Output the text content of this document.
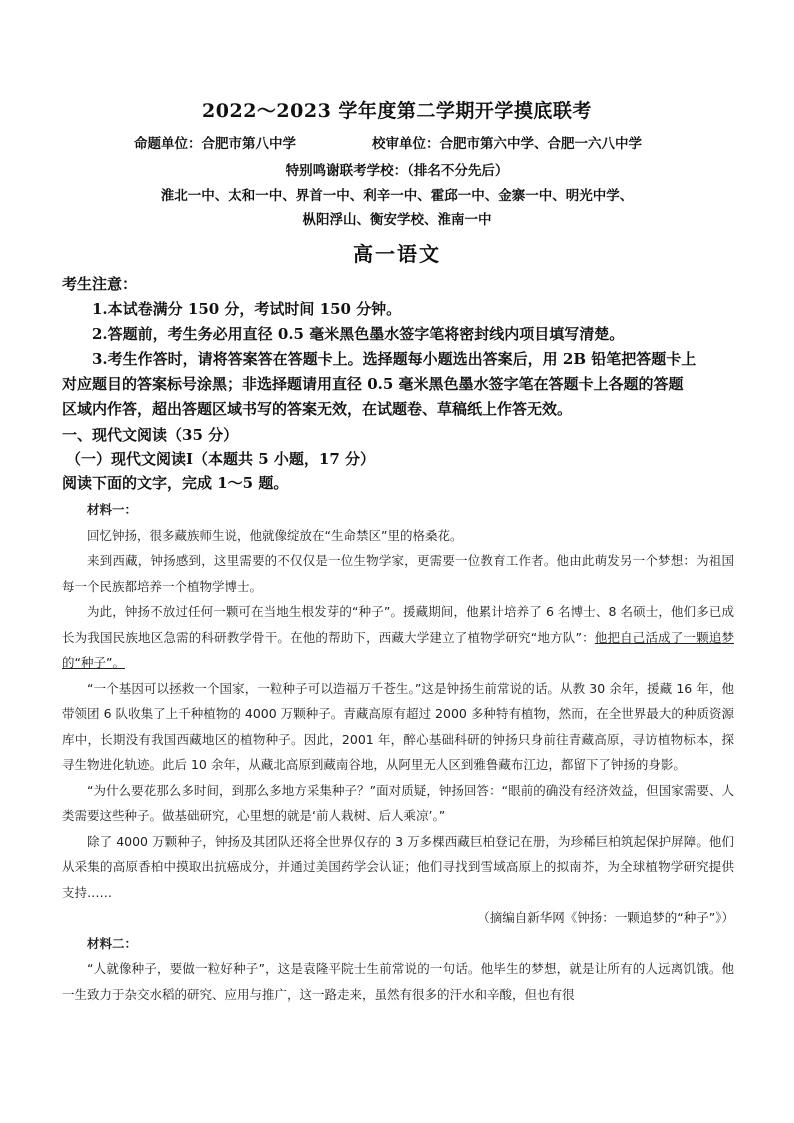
2022～2023 学年度第二学期开学摸底联考
命题单位：合肥市第八中学	校审单位：合肥市第六中学、合肥一六八中学
特别鸣谢联考学校：（排名不分先后）
淮北一中、太和一中、界首一中、利辛一中、霍邱一中、金寨一中、明光中学、
枞阳浮山、衡安学校、淮南一中
高一语文
考生注意：
1.本试卷满分 150 分，考试时间 150 分钟。
2.答题前，考生务必用直径 0.5 毫米黑色墨水签字笔将密封线内项目填写清楚。
3.考生作答时，请将答案答在答题卡上。选择题每小题选出答案后，用 2B 铅笔把答题卡上
对应题目的答案标号涂黑；非选择题请用直径 0.5 毫米黑色墨水签字笔在答题卡上各题的答题
区域内作答，超出答题区域书写的答案无效，在试题卷、草稿纸上作答无效。
一、现代文阅读（35 分）
（一）现代文阅读Ⅰ（本题共 5 小题，17 分）
阅读下面的文字，完成 1～5 题。

材料一：

回忆钟扬，很多藏族师生说，他就像绽放在“生命禁区”里的格桑花。

来到西藏，钟扬感到，这里需要的不仅仅是一位生物学家，更需要一位教育工作者。他由此萌发另一个梦想：为祖国每一个民族都培养一个植物学博士。

为此，钟扬不放过任何一颗可在当地生根发芽的“种子”。援藏期间，他累计培养了 6 名博士、8 名硕士，他们多已成长为我国民族地区急需的科研教学骨干。在他的帮助下，西藏大学建立了植物学研究“地方队”：他把自己活成了一颗追梦的“种子”。

“一个基因可以拯救一个国家，一粒种子可以造福万千苍生。”这是钟扬生前常说的话。从教 30 余年，援藏 16 年，他带领团 6 队收集了上千种植物的 4000 万颗种子。青藏高原有超过 2000 多种特有植物，然而，在全世界最大的种质资源库中，长期没有我国西藏地区的植物种子。因此，2001 年，醉心基础科研的钟扬只身前往青藏高原，寻访植物标本，探寻生物进化轨迹。此后 10 余年，从藏北高原到藏南谷地，从阿里无人区到雅鲁藏布江边，都留下了钟扬的身影。

“为什么要花那么多时间，到那么多地方采集种子？”面对质疑，钟扬回答：“眼前的确没有经济效益，但国家需要、人类需要这些种子。做基础研究，心里想的就是‘前人栽树、后人乘凉’。”

除了 4000 万颗种子，钟扬及其团队还将全世界仅存的 3 万多棵西藏巨柏登记在册，为珍稀巨柏筑起保护屏障。他们从采集的高原香柏中摸取出抗癌成分，并通过美国药学会认证；他们寻找到雪域高原上的拟南芥，为全球植物学研究提供支持……

（摘编自新华网《钟扬：一颗追梦的“种子”》）

材料二：

“人就像种子，要做一粒好种子”，这是袁隆平院士生前常说的一句话。他毕生的梦想，就是让所有的人远离饥饿。他一生致力于杂交水稻的研究、应用与推广，这一路走来，虽然有很多的汗水和辛酸，但也有很
